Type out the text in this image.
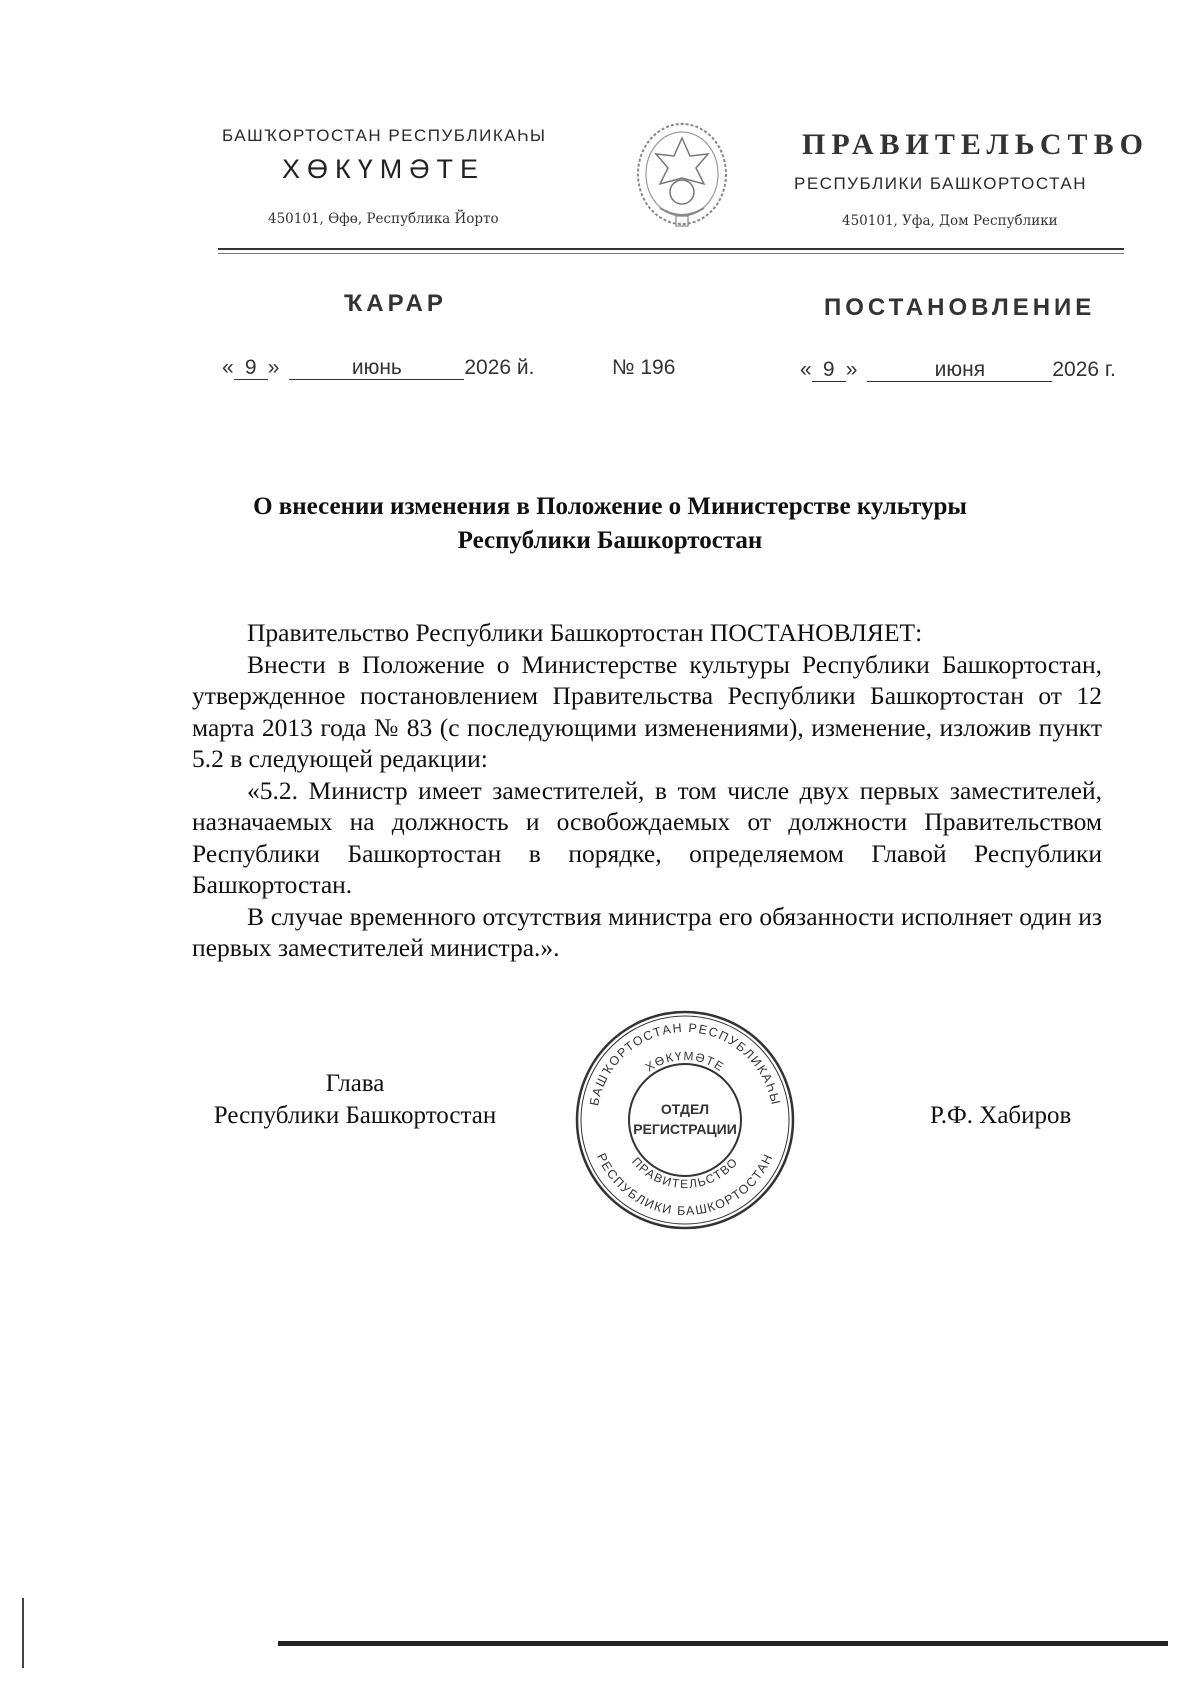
БАШҠОРТОСТАН РЕСПУБЛИКАҺЫ
ХӨКҮМӘТЕ
450101, Өфө, Республика Йорто
ПРАВИТЕЛЬСТВО
РЕСПУБЛИКИ БАШКОРТОСТАН
450101, Уфа, Дом Республики
ҠАРАР	ПОСТАНОВЛЕНИЕ
« 9 »	июнь	2026 й.	№ 196	« 9 »	июня	2026 г.
О внесении изменения в Положение о Министерстве культуры
Республики Башкортостан

Правительство Республики Башкортостан ПОСТАНОВЛЯЕТ:

Внести в Положение о Министерстве культуры Республики Башкортостан, утвержденное постановлением Правительства Республики Башкортостан от 12 марта 2013 года № 83 (с последующими изменениями), изменение, изложив пункт 5.2 в следующей редакции:

«5.2. Министр имеет заместителей, в том числе двух первых заместителей, назначаемых на должность и освобождаемых от должности Правительством Республики Башкортостан в порядке, определяемом Главой Республики Башкортостан.

В случае временного отсутствия министра его обязанности исполняет один из первых заместителей министра.».

Глава
Республики Башкортостан	Р.Ф. Хабиров
БАШҠОРТОСТАН РЕСПУБЛИКАҺЫ
ХӨКҮМӘТЕ
ПРАВИТЕЛЬСТВО
РЕСПУБЛИКИ БАШКОРТОСТАН
ОТДЕЛ
РЕГИСТРАЦИИ
